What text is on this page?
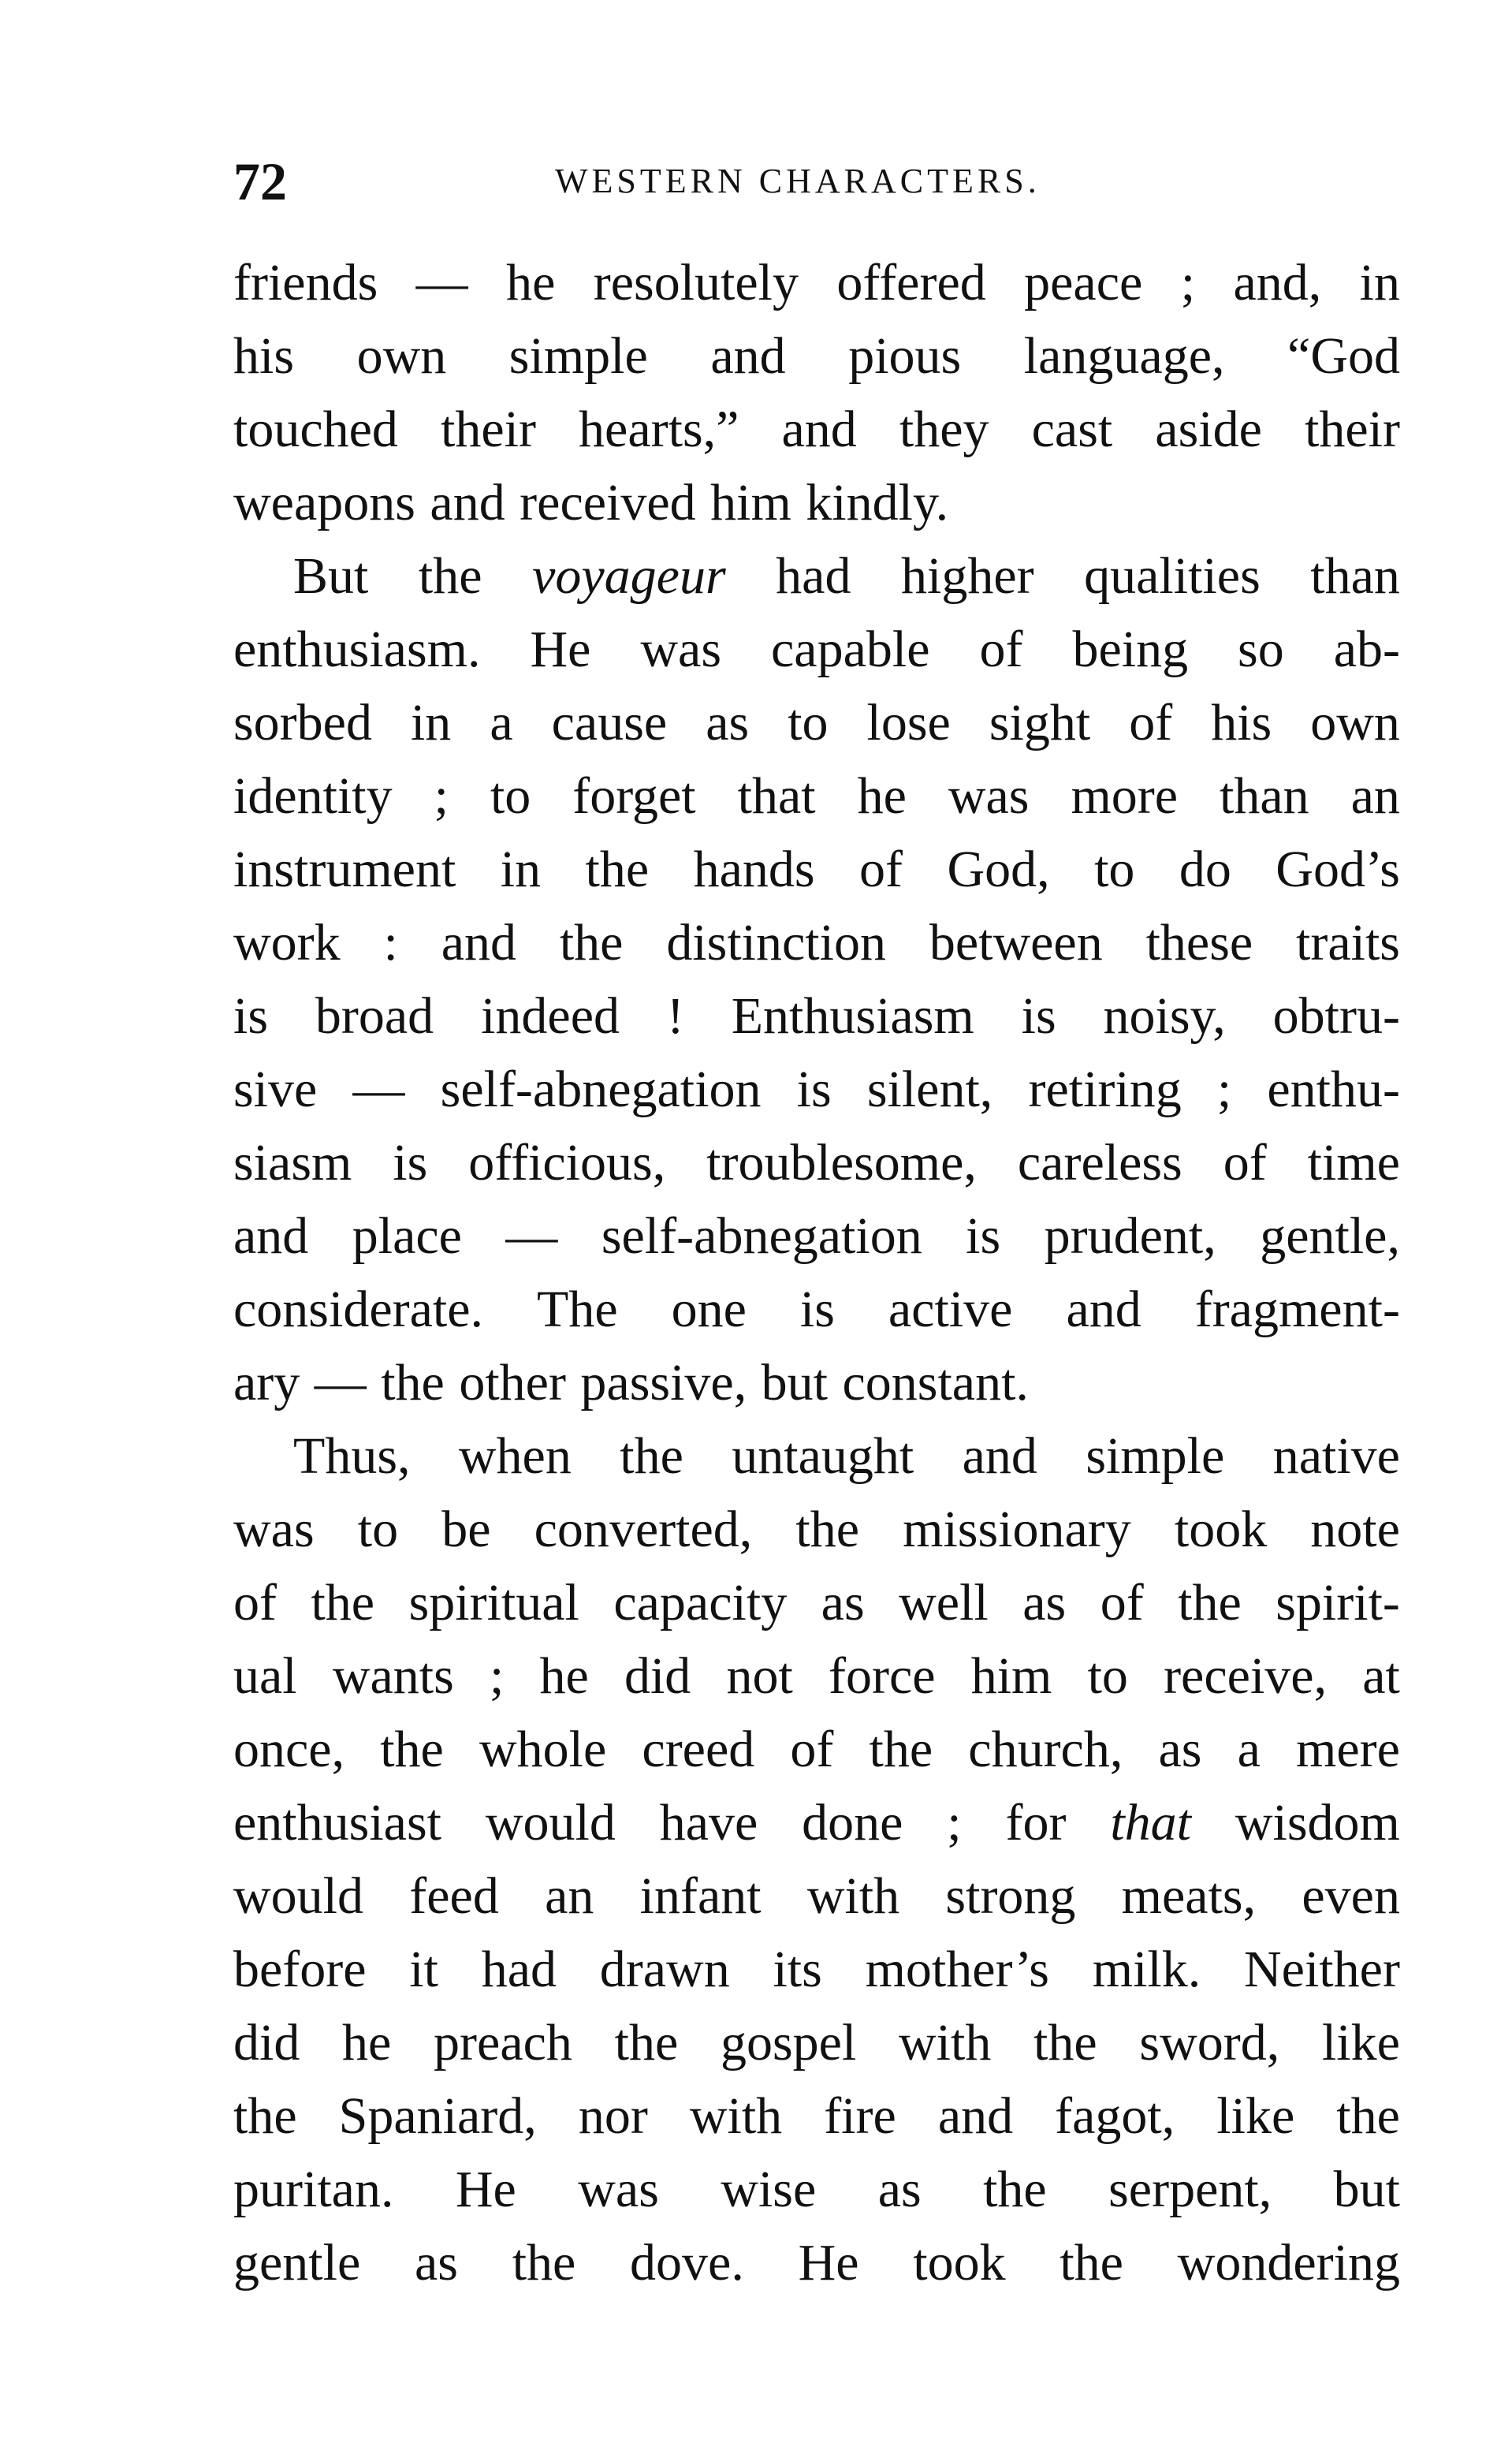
72	WESTERN CHARACTERS.
friends — he resolutely offered peace ; and, in
his own simple and pious language, “God
touched their hearts,” and they cast aside their
weapons and received him kindly.
But the voyageur had higher qualities than
enthusiasm. He was capable of being so ab-
sorbed in a cause as to lose sight of his own
identity ; to forget that he was more than an
instrument in the hands of God, to do God’s
work : and the distinction between these traits
is broad indeed ! Enthusiasm is noisy, obtru-
sive — self-abnegation is silent, retiring ; enthu-
siasm is officious, troublesome, careless of time
and place — self-abnegation is prudent, gentle,
considerate. The one is active and fragment-
ary — the other passive, but constant.
Thus, when the untaught and simple native
was to be converted, the missionary took note
of the spiritual capacity as well as of the spirit-
ual wants ; he did not force him to receive, at
once, the whole creed of the church, as a mere
enthusiast would have done ; for that wisdom
would feed an infant with strong meats, even
before it had drawn its mother’s milk. Neither
did he preach the gospel with the sword, like
the Spaniard, nor with fire and fagot, like the
puritan. He was wise as the serpent, but
gentle as the dove. He took the wondering
